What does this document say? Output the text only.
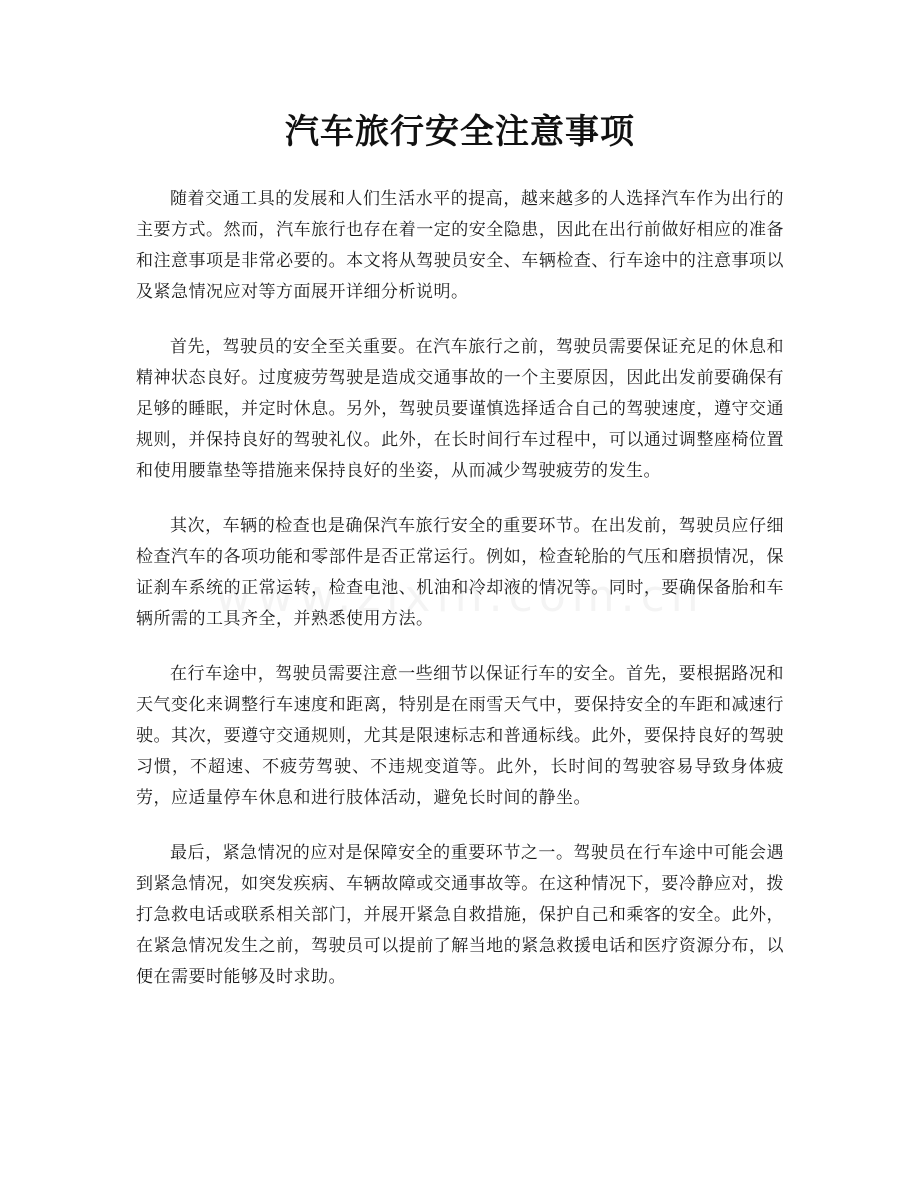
汽车旅行安全注意事项

随着交通工具的发展和人们生活水平的提高，越来越多的人选择汽车作为出行的主要方式。然而，汽车旅行也存在着一定的安全隐患，因此在出行前做好相应的准备和注意事项是非常必要的。本文将从驾驶员安全、车辆检查、行车途中的注意事项以及紧急情况应对等方面展开详细分析说明。

首先，驾驶员的安全至关重要。在汽车旅行之前，驾驶员需要保证充足的休息和精神状态良好。过度疲劳驾驶是造成交通事故的一个主要原因，因此出发前要确保有足够的睡眠，并定时休息。另外，驾驶员要谨慎选择适合自己的驾驶速度，遵守交通规则，并保持良好的驾驶礼仪。此外，在长时间行车过程中，可以通过调整座椅位置和使用腰靠垫等措施来保持良好的坐姿，从而减少驾驶疲劳的发生。

其次，车辆的检查也是确保汽车旅行安全的重要环节。在出发前，驾驶员应仔细检查汽车的各项功能和零部件是否正常运行。例如，检查轮胎的气压和磨损情况，保证刹车系统的正常运转，检查电池、机油和冷却液的情况等。同时，要确保备胎和车辆所需的工具齐全，并熟悉使用方法。

在行车途中，驾驶员需要注意一些细节以保证行车的安全。首先，要根据路况和天气变化来调整行车速度和距离，特别是在雨雪天气中，要保持安全的车距和减速行驶。其次，要遵守交通规则，尤其是限速标志和普通标线。此外，要保持良好的驾驶习惯，不超速、不疲劳驾驶、不违规变道等。此外，长时间的驾驶容易导致身体疲劳，应适量停车休息和进行肢体活动，避免长时间的静坐。

最后，紧急情况的应对是保障安全的重要环节之一。驾驶员在行车途中可能会遇到紧急情况，如突发疾病、车辆故障或交通事故等。在这种情况下，要冷静应对，拨打急救电话或联系相关部门，并展开紧急自救措施，保护自己和乘客的安全。此外，在紧急情况发生之前，驾驶员可以提前了解当地的紧急救援电话和医疗资源分布，以便在需要时能够及时求助。
